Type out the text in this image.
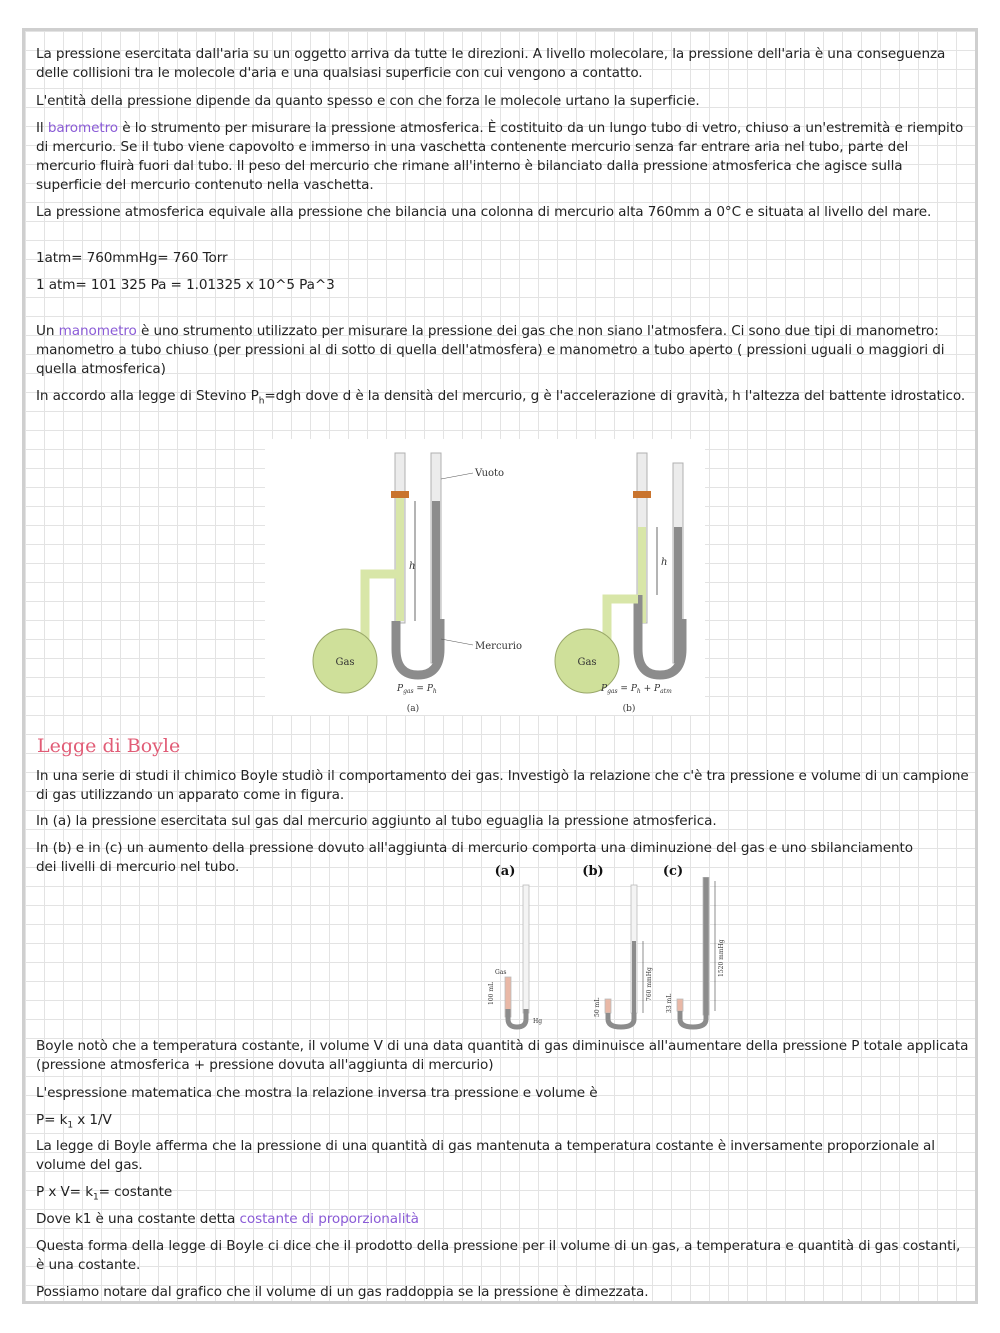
La pressione esercitata dall'aria su un oggetto arriva da tutte le direzioni. A livello molecolare, la pressione dell'aria è una conseguenza delle collisioni tra le molecole d'aria e una qualsiasi superficie con cui vengono a contatto.

L'entità della pressione dipende da quanto spesso e con che forza le molecole urtano la superficie.

Il barometro è lo strumento per misurare la pressione atmosferica. È costituito da un lungo tubo di vetro, chiuso a un'estremità e riempito di mercurio. Se il tubo viene capovolto e immerso in una vaschetta contenente mercurio senza far entrare aria nel tubo, parte del mercurio fluirà fuori dal tubo. Il peso del mercurio che rimane all'interno è bilanciato dalla pressione atmosferica che agisce sulla superficie del mercurio contenuto nella vaschetta.

La pressione atmosferica equivale alla pressione che bilancia una colonna di mercurio alta 760mm a 0°C e situata al livello del mare.

1atm= 760mmHg= 760 Torr

1 atm= 101 325 Pa = 1.01325 x 10^5 Pa^3

Un manometro è uno strumento utilizzato per misurare la pressione dei gas che non siano l'atmosfera. Ci sono due tipi di manometro: manometro a tubo chiuso (per pressioni al di sotto di quella dell'atmosfera) e manometro a tubo aperto ( pressioni uguali o maggiori di quella atmosferica)

In accordo alla legge di Stevino $P_h=dgh$ dove d è la densità del mercurio, g è l'accelerazione di gravità, h l'altezza del battente idrostatico.

Gas
h
Vuoto
Mercurio
$P_{gas} = P_h$
(a)
Gas
h
$P_{gas} = P_h + P_{atm}$
(b)

Legge di Boyle

In una serie di studi il chimico Boyle studiò il comportamento dei gas. Investigò la relazione che c'è tra pressione e volume di un campione di gas utilizzando un apparato come in figura.

In (a) la pressione esercitata sul gas dal mercurio aggiunto al tubo eguaglia la pressione atmosferica.

In (b) e in (c) un aumento della pressione dovuto all'aggiunta di mercurio comporta una diminuzione del gas e uno sbilanciamento dei livelli di mercurio nel tubo.	(a)	(b)	(c)
100 mL
Gas
Hg
760 mmHg
50 mL
1520 mmHg
33 mL

Boyle notò che a temperatura costante, il volume V di una data quantità di gas diminuisce all'aumentare della pressione P totale applicata (pressione atmosferica + pressione dovuta all'aggiunta di mercurio)

L'espressione matematica che mostra la relazione inversa tra pressione e volume è

$P= k_1$ x 1/V

La legge di Boyle afferma che la pressione di una quantità di gas mantenuta a temperatura costante è inversamente proporzionale al volume del gas.

P x $V= k_1=$ costante

Dove k1 è una costante detta costante di proporzionalità

Questa forma della legge di Boyle ci dice che il prodotto della pressione per il volume di un gas, a temperatura e quantità di gas costanti, è una costante.

Possiamo notare dal grafico che il volume di un gas raddoppia se la pressione è dimezzata.
